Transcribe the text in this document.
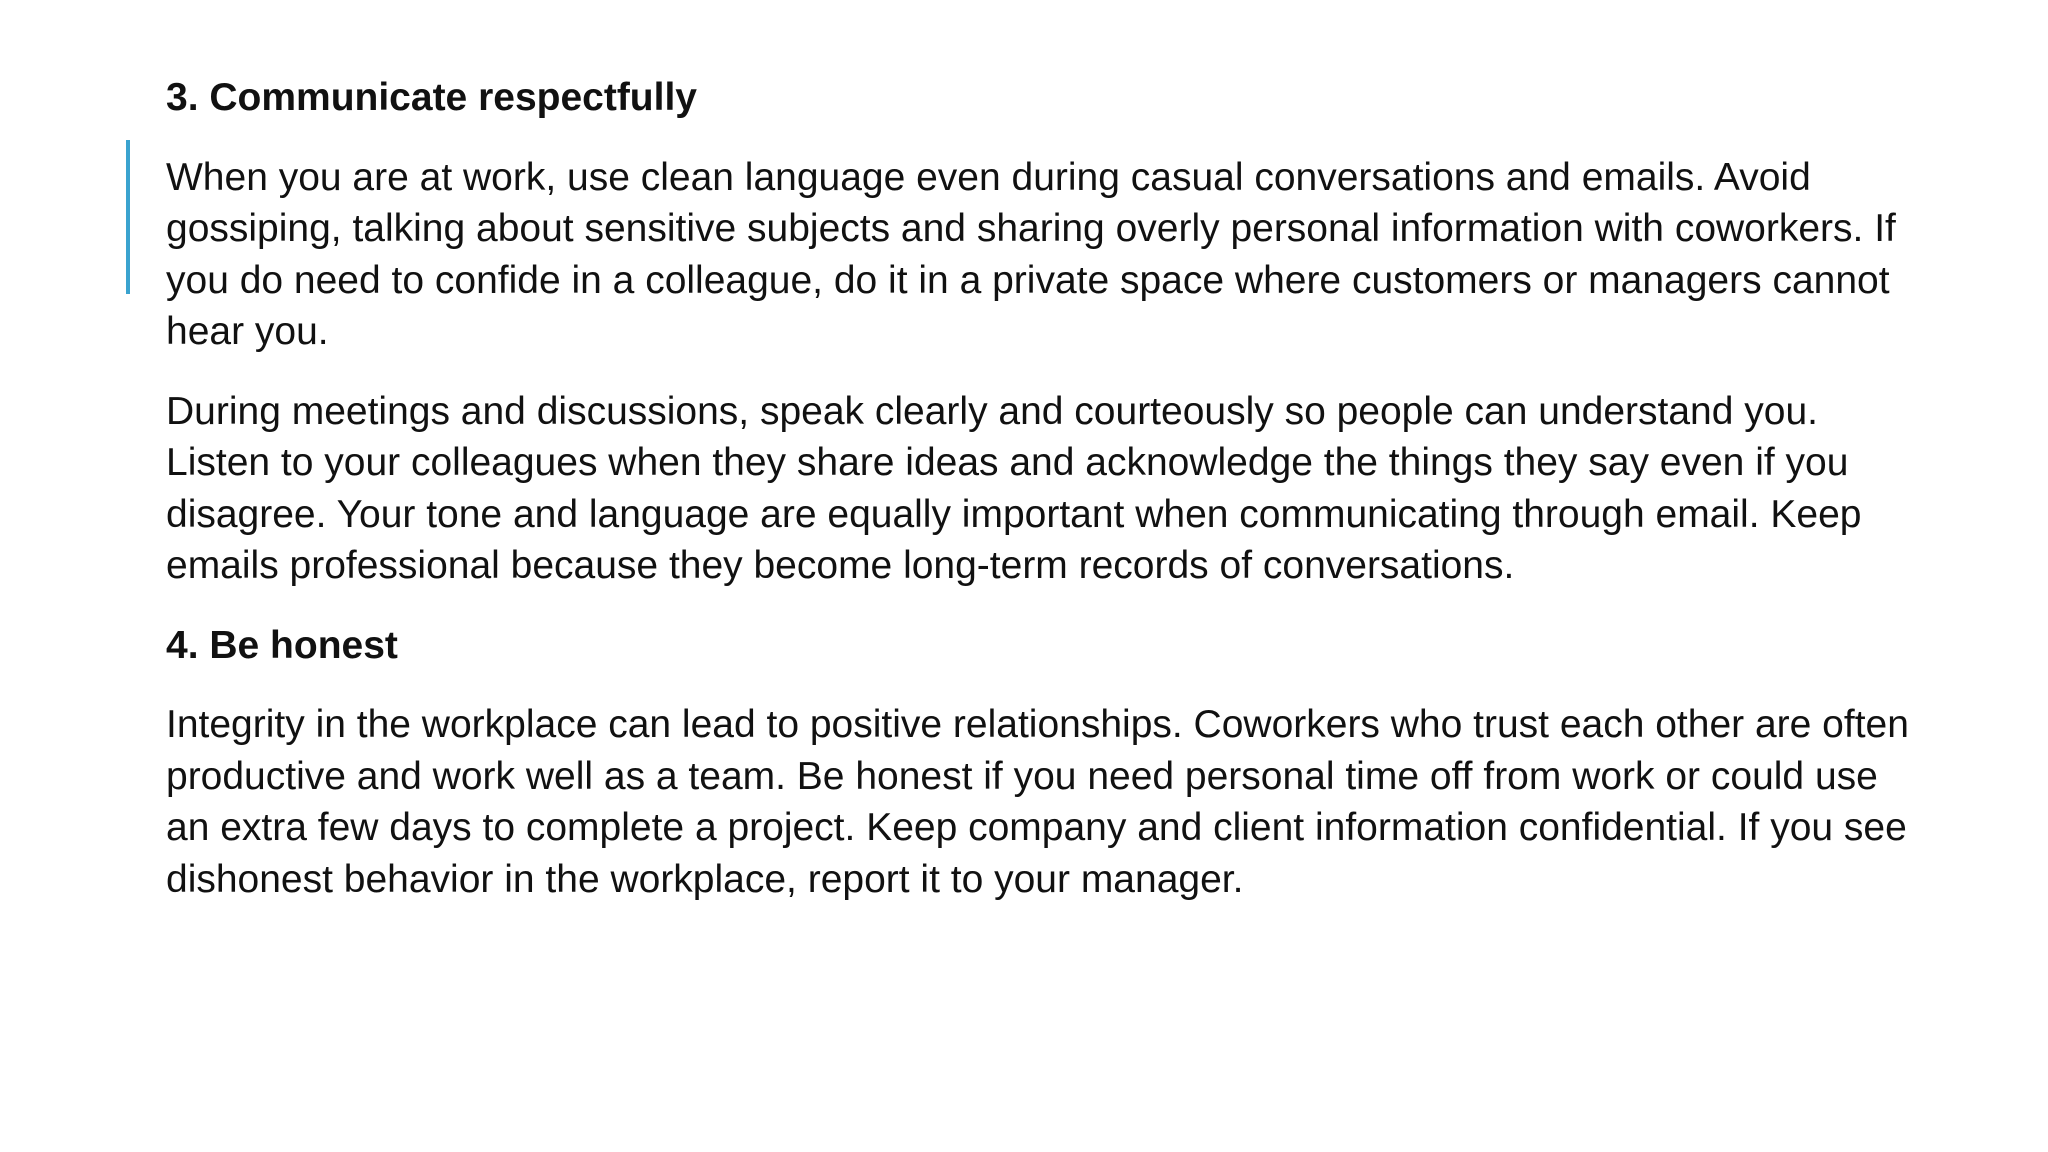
3. Communicate respectfully

When you are at work, use clean language even during casual conversations and emails. Avoid gossiping, talking about sensitive subjects and sharing overly personal information with coworkers. If you do need to confide in a colleague, do it in a private space where customers or managers cannot hear you.

During meetings and discussions, speak clearly and courteously so people can understand you. Listen to your colleagues when they share ideas and acknowledge the things they say even if you disagree. Your tone and language are equally important when communicating through email. Keep emails professional because they become long-term records of conversations.

4. Be honest

Integrity in the workplace can lead to positive relationships. Coworkers who trust each other are often productive and work well as a team. Be honest if you need personal time off from work or could use an extra few days to complete a project. Keep company and client information confidential. If you see dishonest behavior in the workplace, report it to your manager.
